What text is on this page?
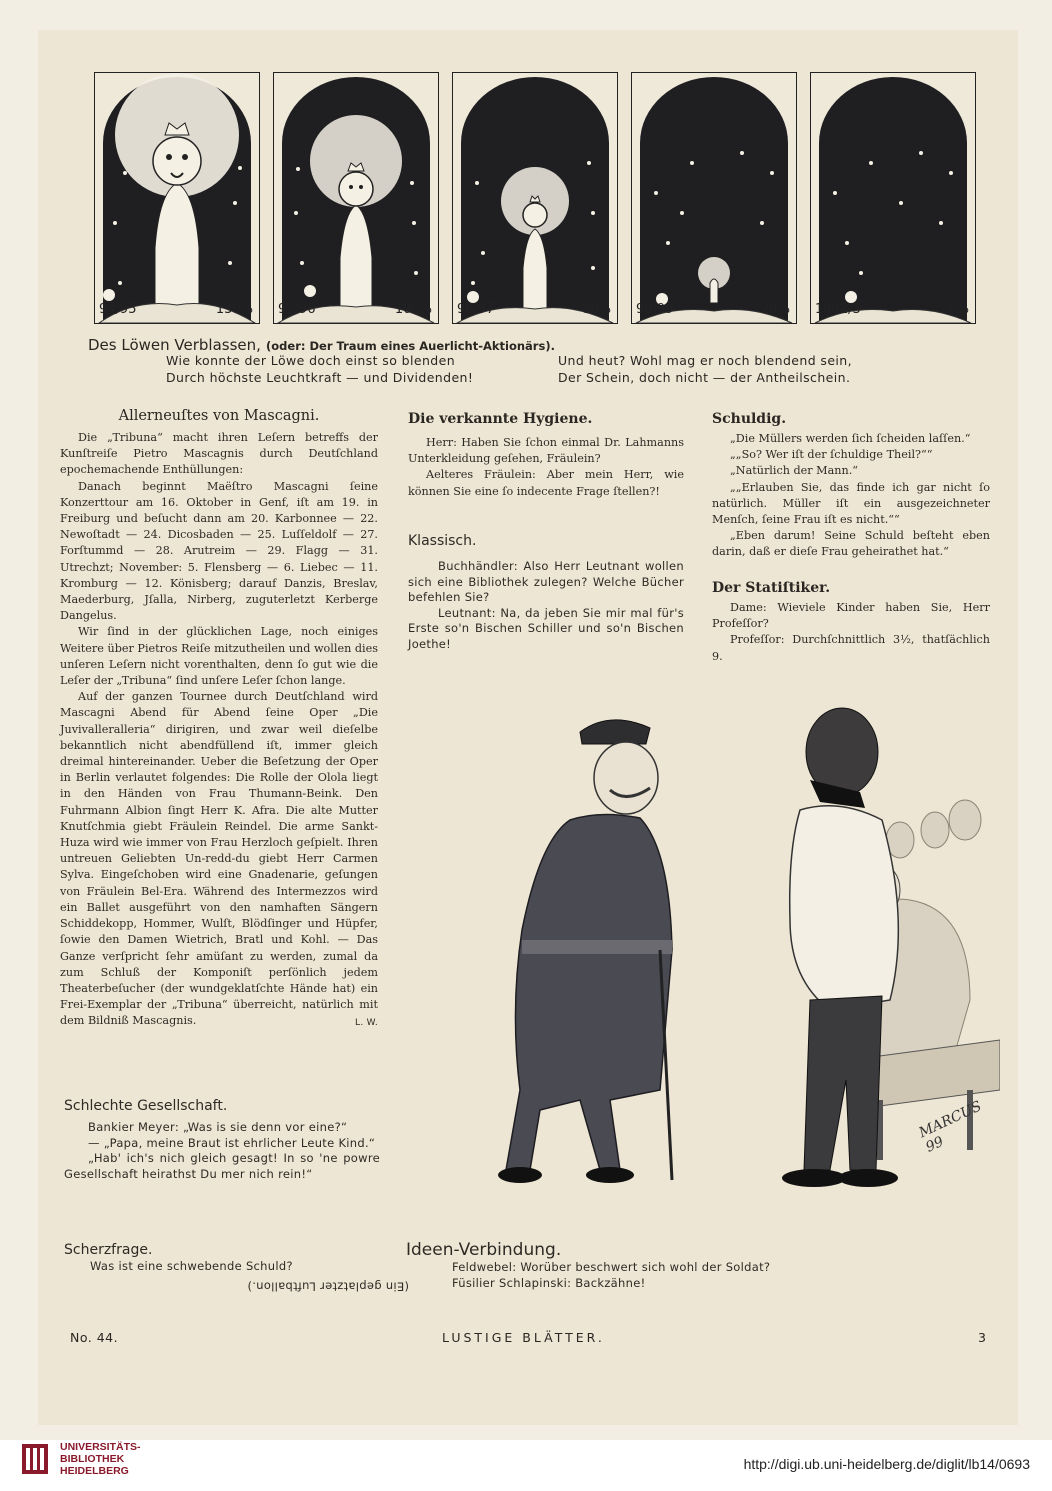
94/95	130% 95/96	100% 96/97	80% 98/99	28% 1902/3	? %
Des Löwen Verblassen, (oder: Der Traum eines Auerlicht-Aktionärs).
Wie konnte der Löwe doch einst so blenden
Durch höchste Leuchtkraft — und Dividenden!
Und heut? Wohl mag er noch blendend sein,
Der Schein, doch nicht — der Antheilschein.
Allerneuſtes von Mascagni.

Die „Tribuna“ macht ihren Leſern betreffs der Kunſtreiſe Pietro Mascagnis durch Deutſchland epochemachende Enthüllungen:

Danach beginnt Maëſtro Mascagni ſeine Konzerttour am 16. Oktober in Genf, iſt am 19. in Freiburg und beſucht dann am 20. Karbonnee — 22. Newoſtadt — 24. Dicosbaden — 25. Luſſeldolf — 27. Forſtummd — 28. Arutreim — 29. Flagg — 31. Utrechzt; November: 5. Flensberg — 6. Liebec — 11. Kromburg — 12. Könisberg; darauf Danzis, Breslav, Maederburg, Jſalla, Nirberg, zuguterletzt Kerberge Dangelus.

Wir ſind in der glücklichen Lage, noch einiges Weitere über Pietros Reiſe mitzutheilen und wollen dies unſeren Leſern nicht vorenthalten, denn ſo gut wie die Leſer der „Tribuna“ ſind unſere Leſer ſchon lange.

Auf der ganzen Tournee durch Deutſchland wird Mascagni Abend für Abend ſeine Oper „Die Juvivalleralleria“ dirigiren, und zwar weil dieſelbe bekanntlich nicht abendfüllend iſt, immer gleich dreimal hintereinander. Ueber die Beſetzung der Oper in Berlin verlautet folgendes: Die Rolle der Olola liegt in den Händen von Frau Thumann-Beink. Den Fuhrmann Albion ſingt Herr K. Afra. Die alte Mutter Knutſchmia giebt Fräulein Reindel. Die arme Sankt-Huza wird wie immer von Frau Herzloch geſpielt. Ihren untreuen Geliebten Un-redd-du giebt Herr Carmen Sylva. Eingeſchoben wird eine Gnadenarie, geſungen von Fräulein Bel-Era. Während des Intermezzos wird ein Ballet ausgeführt von den namhaften Sängern Schiddekopp, Hommer, Wulſt, Blödſinger und Hüpfer, ſowie den Damen Wietrich, Bratl und Kohl. — Das Ganze verſpricht ſehr amüſant zu werden, zumal da zum Schluß der Komponiſt perſönlich jedem Theaterbeſucher (der wundgeklatſchte Hände hat) ein Frei-Exemplar der „Tribuna“ überreicht, natürlich mit dem Bildniß Mascagnis.	L. W.
Schlechte Gesellschaft.

Bankier Meyer: „Was is sie denn vor eine?“

— „Papa, meine Braut ist ehrlicher Leute Kind.“

„Hab' ich's nich gleich gesagt! In so 'ne powre Gesellschaft heirathst Du mer nich rein!“

Scherzfrage.
Was ist eine schwebende Schuld?
(Ein geplatzter Luftballon.)
Die verkannte Hygiene.

Herr: Haben Sie ſchon einmal Dr. Lahmanns Unterkleidung geſehen, Fräulein?

Aelteres Fräulein: Aber mein Herr, wie können Sie eine ſo indecente Frage ſtellen?!

Klassisch.

Buchhändler: Also Herr Leutnant wollen sich eine Bibliothek zulegen? Welche Bücher befehlen Sie?

Leutnant: Na, da jeben Sie mir mal für's Erste so'n Bischen Schiller und so'n Bischen Joethe!

Schuldig.

„Die Müllers werden ſich ſcheiden laſſen.“

„„So? Wer iſt der ſchuldige Theil?““

„Natürlich der Mann.“

„„Erlauben Sie, das finde ich gar nicht ſo natürlich. Müller iſt ein ausgezeichneter Menſch, ſeine Frau iſt es nicht.““

„Eben darum! Seine Schuld beſteht eben darin, daß er dieſe Frau geheirathet hat.“

Der Statiſtiker.

Dame: Wieviele Kinder haben Sie, Herr Profeſſor?

Profeſſor: Durchſchnittlich 3½, thatſächlich 9.

MARCUS 99
Ideen-Verbindung.
Feldwebel: Worüber beschwert sich wohl der Soldat?
Füsilier Schlapinski: Backzähne!
No. 44.	LUSTIGE BLÄTTER.	3
UNIVERSITÄTS-
BIBLIOTHEK
HEIDELBERG	http://digi.ub.uni-heidelberg.de/diglit/lb14/0693
